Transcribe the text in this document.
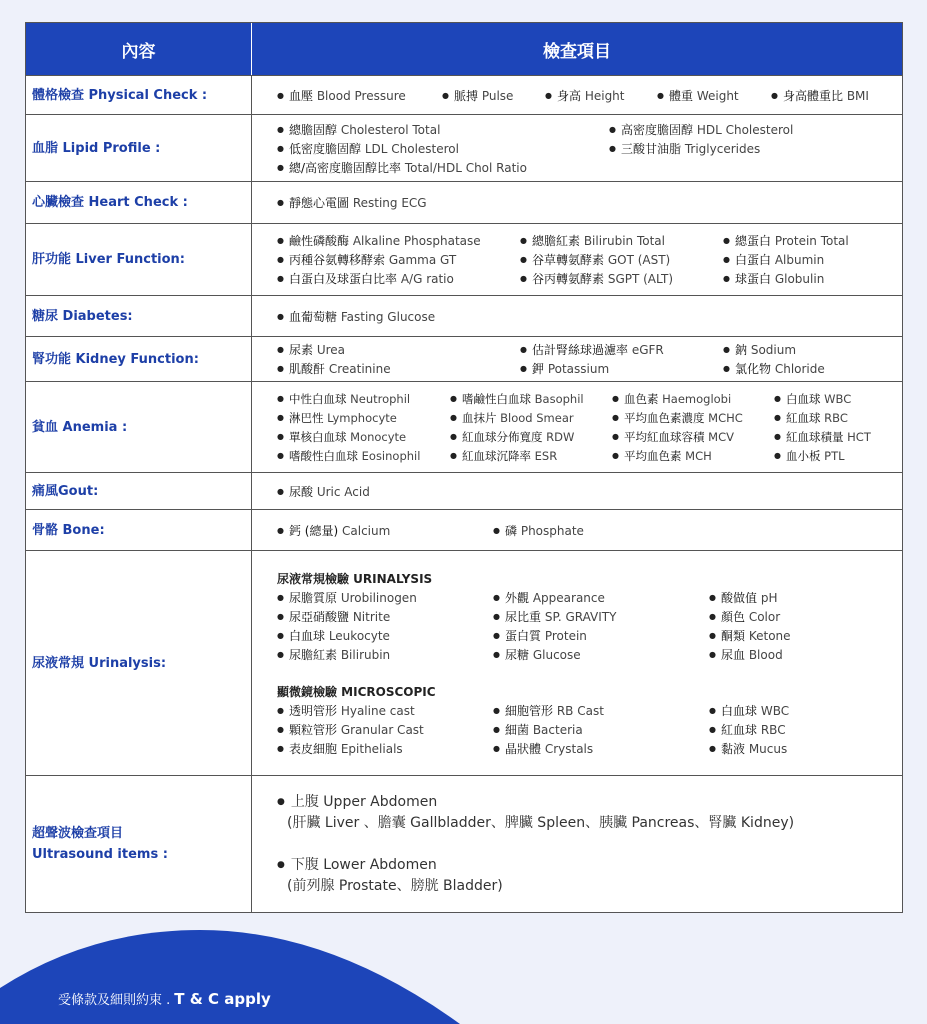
內容	檢查項目
體格檢查 Physical Check :	● 血壓 Blood Pressure	● 脈搏 Pulse	● 身高 Height	● 體重 Weight	● 身高體重比 BMI
血脂 Lipid Profile :
● 總膽固醇 Cholesterol Total	● 高密度膽固醇 HDL Cholesterol
● 低密度膽固醇 LDL Cholesterol	● 三酸甘油脂 Triglycerides
● 總/高密度膽固醇比率 Total/HDL Chol Ratio
心臟檢查 Heart Check :	● 靜態心電圖 Resting ECG
肝功能 Liver Function:
● 鹼性磷酸酶 Alkaline Phosphatase	● 總膽紅素 Bilirubin Total	● 總蛋白 Protein Total
● 丙種谷氨轉移酵索 Gamma GT	● 谷草轉氨酵素 GOT (AST)	● 白蛋白 Albumin
● 白蛋白及球蛋白比率 A/G ratio	● 谷丙轉氨酵素 SGPT (ALT)	● 球蛋白 Globulin
糖尿 Diabetes:	● 血葡萄糖 Fasting Glucose
腎功能 Kidney Function:
● 尿素 Urea	● 估計腎絲球過濾率 eGFR	● 鈉 Sodium
● 肌酸酐 Creatinine	● 鉀 Potassium	● 氯化物 Chloride
貧血 Anemia :
● 中性白血球 Neutrophil	● 嗜鹼性白血球 Basophil	● 血色素 Haemoglobi	● 白血球 WBC
● 淋巴性 Lymphocyte	● 血抹片 Blood Smear	● 平均血色素濃度 MCHC	● 紅血球 RBC
● 單核白血球 Monocyte	● 紅血球分佈寬度 RDW	● 平均紅血球容積 MCV	● 紅血球積量 HCT
● 嗜酸性白血球 Eosinophil	● 紅血球沉降率 ESR	● 平均血色素 MCH	● 血小板 PTL
痛風Gout:	● 尿酸 Uric Acid
骨骼 Bone:	● 鈣 (總量) Calcium	● 磷 Phosphate
尿液常規 Urinalysis:
尿液常規檢驗 URINALYSIS
● 尿膽質原 Urobilinogen	● 外觀 Appearance	● 酸做值 pH
● 尿亞硝酸鹽 Nitrite	● 尿比重 SP. GRAVITY	● 顏色 Color
● 白血球 Leukocyte	● 蛋白質 Protein	● 酮類 Ketone
● 尿膽紅素 Bilirubin	● 尿糖 Glucose	● 尿血 Blood
顯微鏡檢驗 MICROSCOPIC
● 透明管形 Hyaline cast	● 細胞管形 RB Cast	● 白血球 WBC
● 顆粒管形 Granular Cast	● 細菌 Bacteria	● 紅血球 RBC
● 表皮細胞 Epithelials	● 晶狀體 Crystals	● 黏液 Mucus
超聲波檢查項目
Ultrasound items :
● 上腹 Upper Abdomen
(肝臟 Liver 、膽囊 Gallbladder、脾臟 Spleen、胰臟 Pancreas、腎臟 Kidney)
● 下腹 Lower Abdomen
(前列腺 Prostate、膀胱 Bladder)
受條款及細則約束 . T & C apply
